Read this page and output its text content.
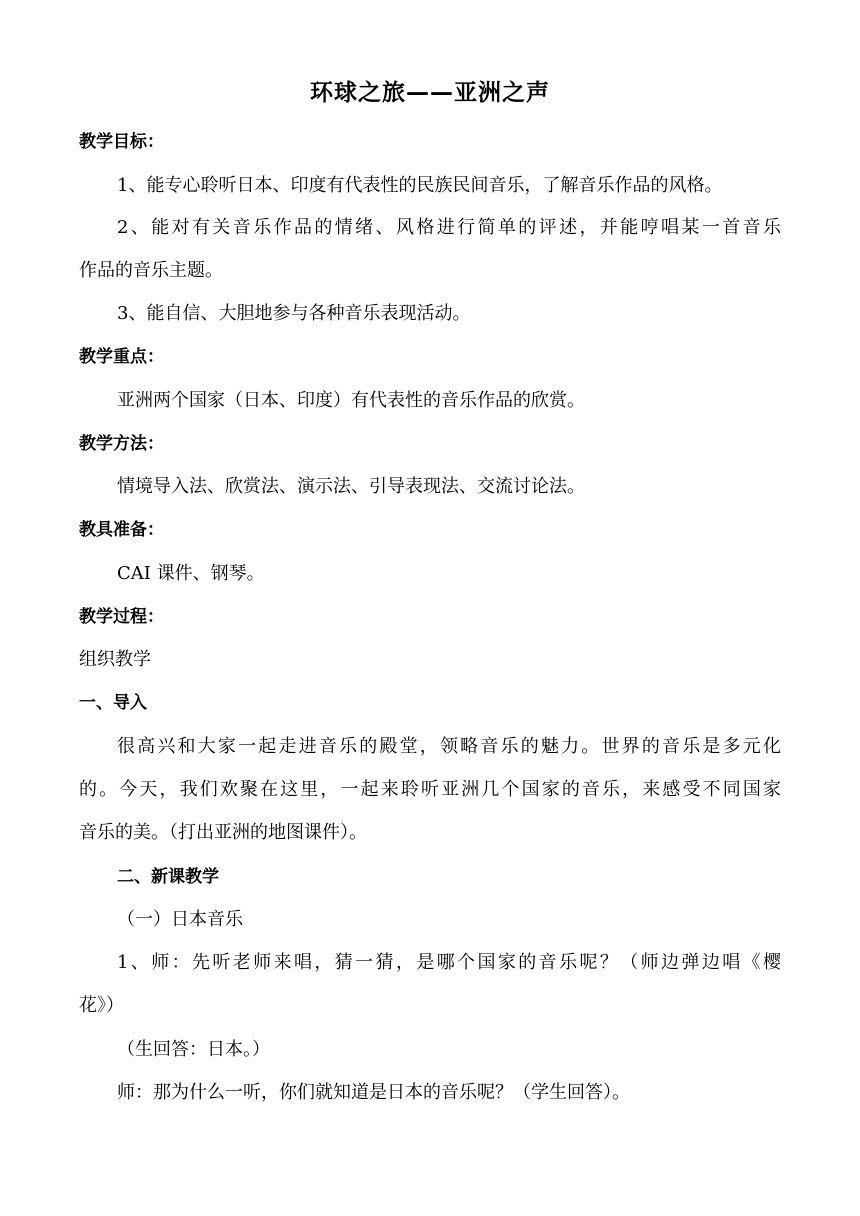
环球之旅——亚洲之声
教学目标：
1、能专心聆听日本、印度有代表性的民族民间音乐，了解音乐作品的风格。
2、能对有关音乐作品的情绪、风格进行简单的评述，并能哼唱某一首音乐
作品的音乐主题。
3、能自信、大胆地参与各种音乐表现活动。
教学重点：
亚洲两个国家（日本、印度）有代表性的音乐作品的欣赏。
教学方法：
情境导入法、欣赏法、演示法、引导表现法、交流讨论法。
教具准备：
CAI 课件、钢琴。
教学过程：
组织教学
一、导入
很高兴和大家一起走进音乐的殿堂，领略音乐的魅力。世界的音乐是多元化
的。今天，我们欢聚在这里，一起来聆听亚洲几个国家的音乐，来感受不同国家
音乐的美。（打出亚洲的地图课件）。
二、新课教学
（一）日本音乐
1、师：先听老师来唱，猜一猜，是哪个国家的音乐呢？（师边弹边唱《樱
花》）
（生回答：日本。）
师：那为什么一听，你们就知道是日本的音乐呢？（学生回答）。
